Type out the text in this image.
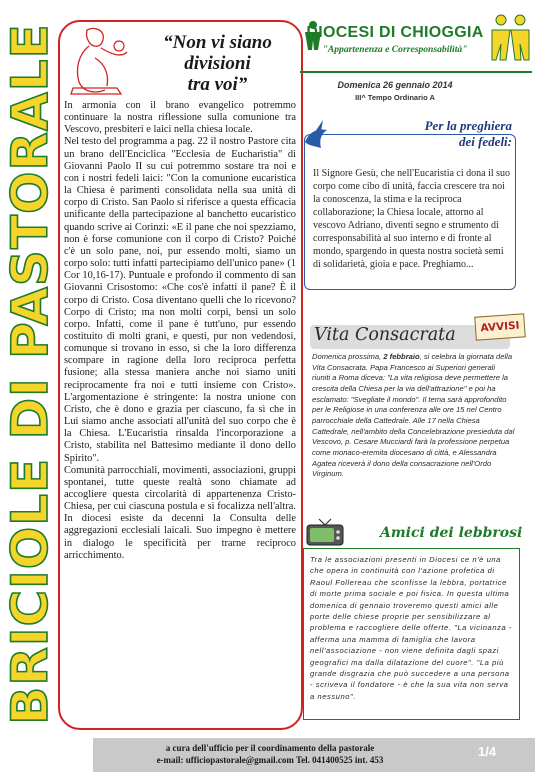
BRICIOLE DI PASTORALE	“Non vi siano
divisioni
tra voi”

In armonia con il brano evangelico potremmo continuare la nostra riflessione sulla comunione tra Vescovo, presbiteri e laici nella chiesa locale.

Nel testo del programma a pag. 22 il nostro Pastore cita un brano dell'Enciclica "Ecclesia de Eucharistia" di Giovanni Paolo II su cui potremmo sostare tra noi e con i nostri fedeli laici: "Con la comunione eucaristica la Chiesa è parimenti consolidata nella sua unità di corpo di Cristo. San Paolo si riferisce a questa efficacia unificante della partecipazione al banchetto eucaristico quando scrive ai Corinzi: «E il pane che noi spezziamo, non è forse comunione con il corpo di Cristo? Poiché c'è un solo pane, noi, pur essendo molti, siamo un corpo solo: tutti infatti partecipiamo dell'unico pane» (1 Cor 10,16-17). Puntuale e profondo il commento di san Giovanni Crisostomo: «Che cos'è infatti il pane? È il corpo di Cristo. Cosa diventano quelli che lo ricevono? Corpo di Cristo; ma non molti corpi, bensì un solo corpo. Infatti, come il pane è tutt'uno, pur essendo costituito di molti grani, e questi, pur non vedendosi, comunque si trovano in esso, sì che la loro differenza scompare in ragione della loro reciproca perfetta fusione; alla stessa maniera anche noi siamo uniti reciprocamente fra noi e tutti insieme con Cristo». L'argomentazione è stringente: la nostra unione con Cristo, che è dono e grazia per ciascuno, fa sì che in Lui siamo anche associati all'unità del suo corpo che è la Chiesa. L'Eucaristia rinsalda l'incorporazione a Cristo, stabilita nel Battesimo mediante il dono dello Spirito".

Comunità parrocchiali, movimenti, associazioni, gruppi spontanei, tutte queste realtà sono chiamate ad accogliere questa circolarità di appartenenza Cristo-Chiesa, per cui ciascuna postula e si focalizza nell'altra. In diocesi esiste da decenni la Consulta delle aggregazioni ecclesiali laicali. Suo impegno è mettere in dialogo le specificità per trarne reciproco arricchimento.

DIOCESI DI CHIOGGIA
"Appartenenza e Corresponsabilità"
Domenica 26 gennaio 2014
III^ Tempo Ordinario A
Per la preghiera
dei fedeli:
Il Signore Gesù, che nell'Eucaristia ci dona il suo corpo come cibo di unità, faccia crescere tra noi la conoscenza, la stima e la reciproca collaborazione; la Chiesa locale, attorno al vescovo Adriano, diventi segno e strumento di corresponsabilità al suo interno e di fronte al mondo, spargendo in questa nostra società semi di solidarietà, gioia e pace. Preghiamo...
Vita Consacrata	AVVISI
Domenica prossima, 2 febbraio, si celebra la giornata della Vita Consacrata. Papa Francesco ai Superiori generali riuniti a Roma diceva: "La vita religiosa deve permettere la crescita della Chiesa per la via dell'attrazione" e poi ha esclamato: "Svegliate il mondo". Il tema sarà approfondito per le Religiose in una conferenza alle ore 15 nel Centro parrocchiale della Cattedrale. Alle 17 nella Chiesa Cattedrale, nell'ambito della Concelebrazione presieduta dal Vescovo, p. Cesare Mucciardi farà la professione perpetua come monaco-eremita diocesano di città, e Alessandra Agatea riceverà il dono della consacrazione nell'Ordo Virginum.
Amici dei lebbrosi
Tra le associazioni presenti in Diocesi ce n'è una che opera in continuità con l'azione profetica di Raoul Follereau che sconfisse la lebbra, portatrice di morte prima sociale e poi fisica. In questa ultima domenica di gennaio troveremo questi amici alle porte delle chiese proprie per sensibilizzare al problema e raccogliere delle offerte. "La vicinanza - afferma una mamma di famiglia che lavora nell'associazione - non viene definita dagli spazi geografici ma dalla dilatazione del cuore". "La più grande disgrazia che può succedere a una persona - scriveva il fondatore - è che la sua vita non serva a nessuno".
a cura dell'ufficio per il coordinamento della pastorale
e-mail: ufficiopastorale@gmail.com Tel. 041400525 int. 453
1/4
